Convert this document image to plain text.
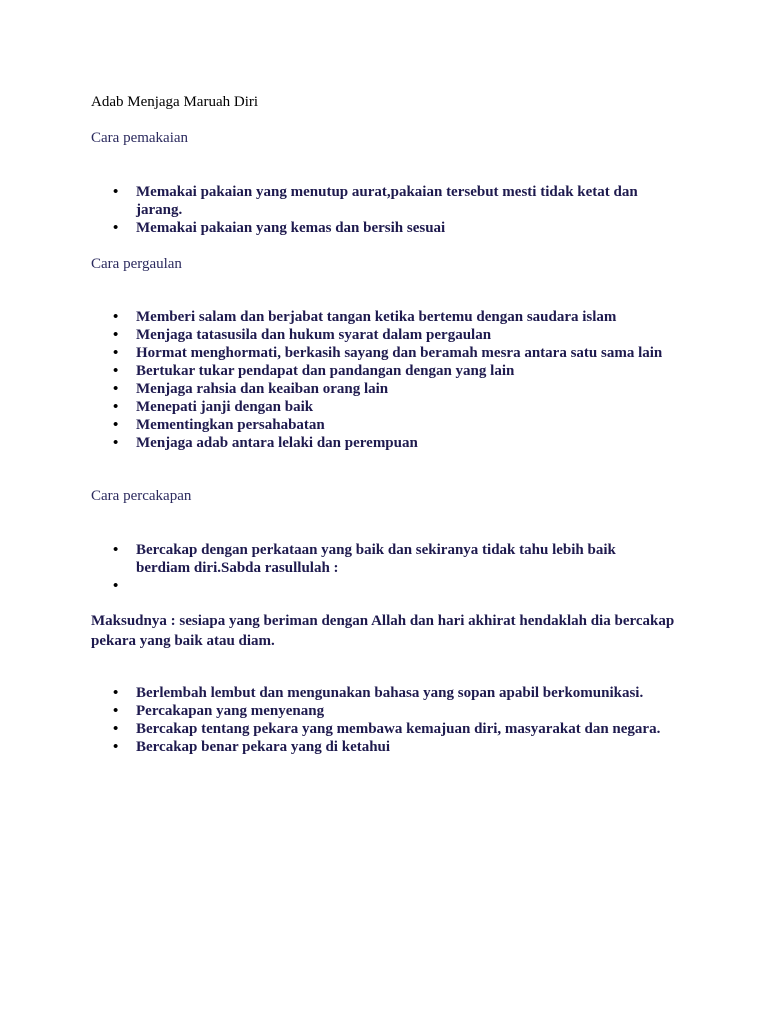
Adab Menjaga Maruah Diri

Cara pemakaian

• Memakai pakaian yang menutup aurat,pakaian tersebut mesti tidak ketat dan jarang.
• Memakai pakaian yang kemas dan bersih sesuai

Cara pergaulan

• Memberi salam dan berjabat tangan ketika bertemu dengan saudara islam
• Menjaga tatasusila dan hukum syarat dalam pergaulan
• Hormat menghormati, berkasih sayang dan beramah mesra antara satu sama lain
• Bertukar tukar pendapat dan pandangan dengan yang lain
• Menjaga rahsia dan keaiban orang lain
• Menepati janji dengan baik
• Mementingkan persahabatan
• Menjaga adab antara lelaki dan perempuan

Cara percakapan

• Bercakap dengan perkataan yang baik dan sekiranya tidak tahu lebih baik berdiam diri.Sabda rasullulah :
•

Maksudnya : sesiapa yang beriman dengan Allah dan hari akhirat hendaklah dia bercakap pekara yang baik atau diam.

• Berlembah lembut dan mengunakan bahasa yang sopan apabil berkomunikasi.
• Percakapan yang menyenang
• Bercakap tentang pekara yang membawa kemajuan diri, masyarakat dan negara.
• Bercakap benar pekara yang di ketahui
